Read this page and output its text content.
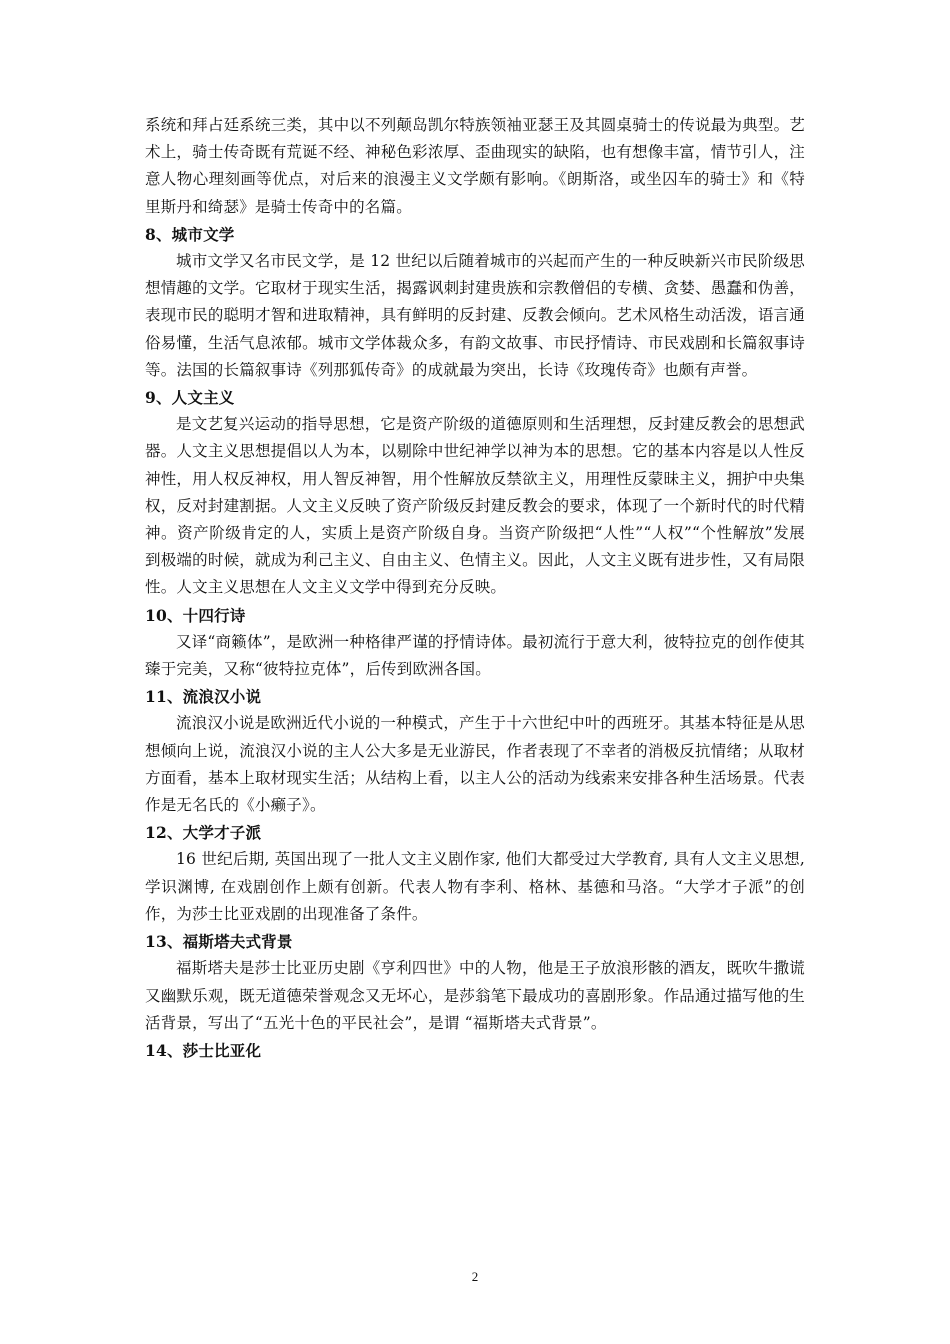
系统和拜占廷系统三类，其中以不列颠岛凯尔特族领袖亚瑟王及其圆桌骑士的传说最为典型。艺术上，骑士传奇既有荒诞不经、神秘色彩浓厚、歪曲现实的缺陷，也有想像丰富，情节引人，注意人物心理刻画等优点，对后来的浪漫主义文学颇有影响。《朗斯洛，或坐囚车的骑士》和《特里斯丹和绮瑟》是骑士传奇中的名篇。

8、城市文学

城市文学又名市民文学，是 12 世纪以后随着城市的兴起而产生的一种反映新兴市民阶级思想情趣的文学。它取材于现实生活，揭露讽刺封建贵族和宗教僧侣的专横、贪婪、愚蠢和伪善，表现市民的聪明才智和进取精神，具有鲜明的反封建、反教会倾向。艺术风格生动活泼，语言通俗易懂，生活气息浓郁。城市文学体裁众多，有韵文故事、市民抒情诗、市民戏剧和长篇叙事诗等。法国的长篇叙事诗《列那狐传奇》的成就最为突出，长诗《玫瑰传奇》也颇有声誉。

9、人文主义

是文艺复兴运动的指导思想，它是资产阶级的道德原则和生活理想，反封建反教会的思想武器。人文主义思想提倡以人为本，以剔除中世纪神学以神为本的思想。它的基本内容是以人性反神性，用人权反神权，用人智反神智，用个性解放反禁欲主义，用理性反蒙昧主义，拥护中央集权，反对封建割据。人文主义反映了资产阶级反封建反教会的要求，体现了一个新时代的时代精神。资产阶级肯定的人，实质上是资产阶级自身。当资产阶级把“人性”“人权”“个性解放”发展到极端的时候，就成为利己主义、自由主义、色情主义。因此，人文主义既有进步性，又有局限性。人文主义思想在人文主义文学中得到充分反映。

10、十四行诗

又译“商籁体”，是欧洲一种格律严谨的抒情诗体。最初流行于意大利，彼特拉克的创作使其臻于完美，又称“彼特拉克体”，后传到欧洲各国。

11、流浪汉小说

流浪汉小说是欧洲近代小说的一种模式，产生于十六世纪中叶的西班牙。其基本特征是从思想倾向上说，流浪汉小说的主人公大多是无业游民，作者表现了不幸者的消极反抗情绪；从取材方面看，基本上取材现实生活；从结构上看，以主人公的活动为线索来安排各种生活场景。代表作是无名氏的《小癞子》。

12、大学才子派

16 世纪后期, 英国出现了一批人文主义剧作家, 他们大都受过大学教育, 具有人文主义思想, 学识渊博, 在戏剧创作上颇有创新。代表人物有李利、格林、基德和马洛。“大学才子派”的创作，为莎士比亚戏剧的出现准备了条件。

13、福斯塔夫式背景

福斯塔夫是莎士比亚历史剧《亨利四世》中的人物，他是王子放浪形骸的酒友，既吹牛撒谎又幽默乐观，既无道德荣誉观念又无坏心，是莎翁笔下最成功的喜剧形象。作品通过描写他的生活背景，写出了“五光十色的平民社会”，是谓 “福斯塔夫式背景”。

14、莎士比亚化

2
